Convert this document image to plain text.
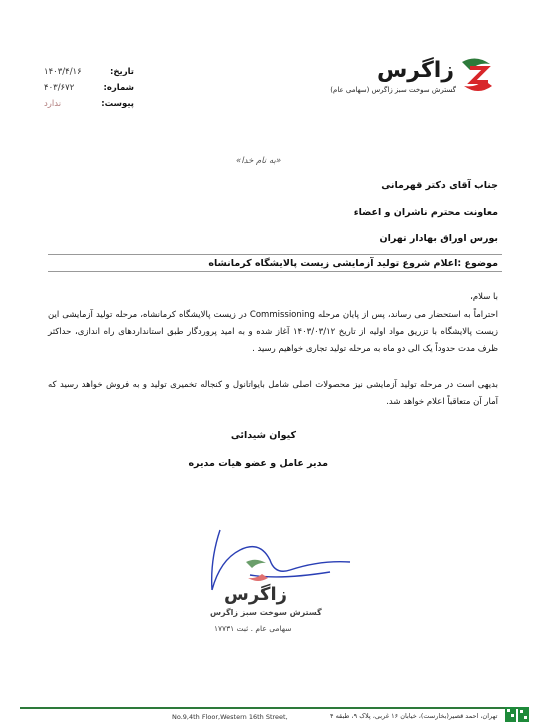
تاریخ:
۱۴۰۳/۴/۱۶
شماره:
۴۰۳/۶۷۲
پیوست:
ندارد
زاگرس
گسترش سوخت سبز زاگرس (سهامی عام)
«به نام خدا»
جناب آقای دکتر قهرمانی
معاونت محترم ناشران و اعضاء
بورس اوراق بهادار تهران
موضوع :اعلام شروع تولید آزمایشی زیست پالایشگاه کرمانشاه
با سلام،
احتراماً به استحضار می رساند، پس از پایان مرحله Commissioning در زیست پالایشگاه کرمانشاه، مرحله تولید آزمایشی این زیست پالایشگاه با تزریق مواد اولیه از تاریخ ۱۴۰۳/۰۳/۱۲ آغاز شده و به امید پروردگار طبق استانداردهای راه اندازی، حداکثر ظرف مدت حدوداً یک الی دو ماه به مرحله تولید تجاری خواهیم رسید .
بدیهی است در مرحله تولید آزمایشی نیز محصولات اصلی شامل بایواتانول و کنجاله تخمیری تولید و به فروش خواهد رسید که آمار آن متعاقباً اعلام خواهد شد.
کیوان شیدائی
مدیر عامل و عضو هیات مدیره
زاگرس
گسترش سوخت سبز زاگرس
سهامی عام . ثبت ۱۷۷۳۱
No.9,4th Floor,Western 16th Street,	تهران، احمد قصیر(بخارست)، خیابان ۱۶ غربی، پلاک ۹، طبقه ۴
